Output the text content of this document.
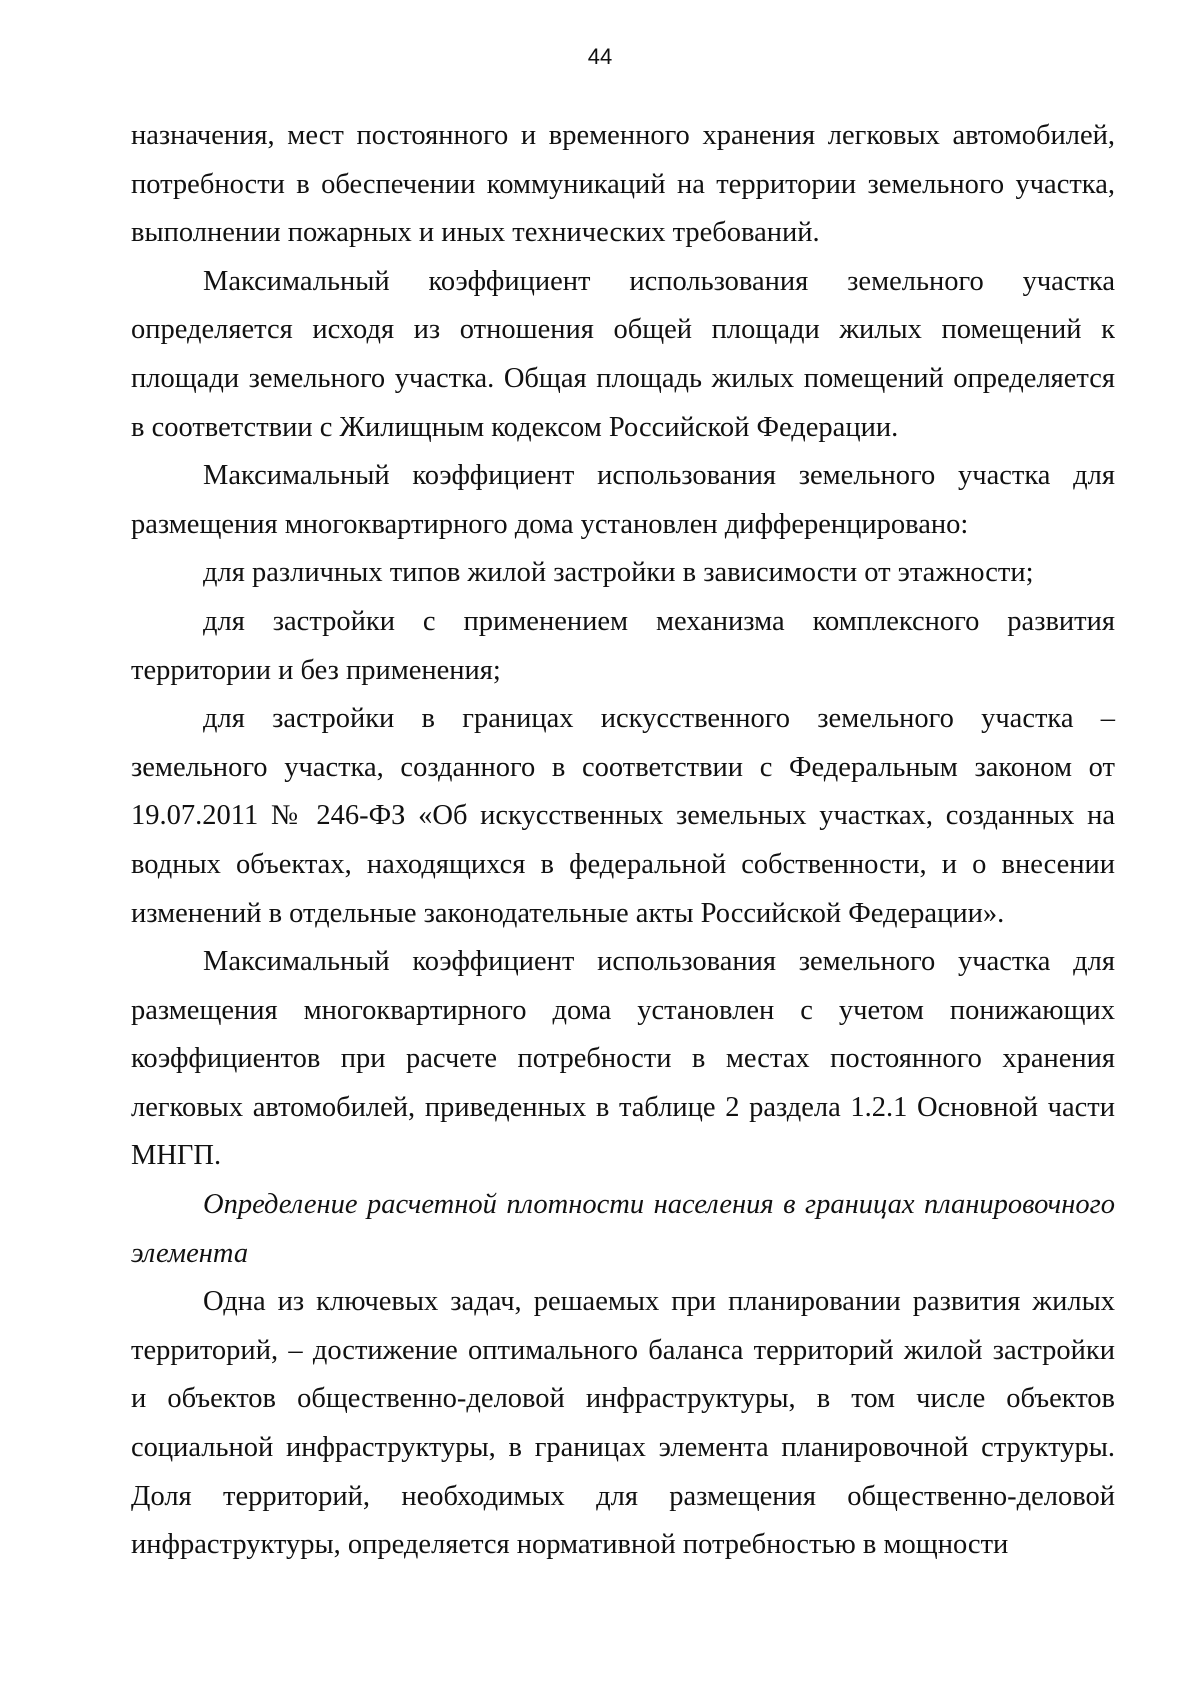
44

назначения, мест постоянного и временного хранения легковых автомобилей, потребности в обеспечении коммуникаций на территории земельного участка, выполнении пожарных и иных технических требований.

Максимальный коэффициент использования земельного участка определяется исходя из отношения общей площади жилых помещений к площади земельного участка. Общая площадь жилых помещений определяется в соответствии с Жилищным кодексом Российской Федерации.

Максимальный коэффициент использования земельного участка для размещения многоквартирного дома установлен дифференцировано:

для различных типов жилой застройки в зависимости от этажности;

для застройки с применением механизма комплексного развития территории и без применения;

для застройки в границах искусственного земельного участка – земельного участка, созданного в соответствии с Федеральным законом от 19.07.2011 № 246-ФЗ «Об искусственных земельных участках, созданных на водных объектах, находящихся в федеральной собственности, и о внесении изменений в отдельные законодательные акты Российской Федерации».

Максимальный коэффициент использования земельного участка для размещения многоквартирного дома установлен с учетом понижающих коэффициентов при расчете потребности в местах постоянного хранения легковых автомобилей, приведенных в таблице 2 раздела 1.2.1 Основной части МНГП.

Определение расчетной плотности населения в границах планировочного элемента

Одна из ключевых задач, решаемых при планировании развития жилых территорий, – достижение оптимального баланса территорий жилой застройки и объектов общественно-деловой инфраструктуры, в том числе объектов социальной инфраструктуры, в границах элемента планировочной структуры. Доля территорий, необходимых для размещения общественно-деловой инфраструктуры, определяется нормативной потребностью в мощности
